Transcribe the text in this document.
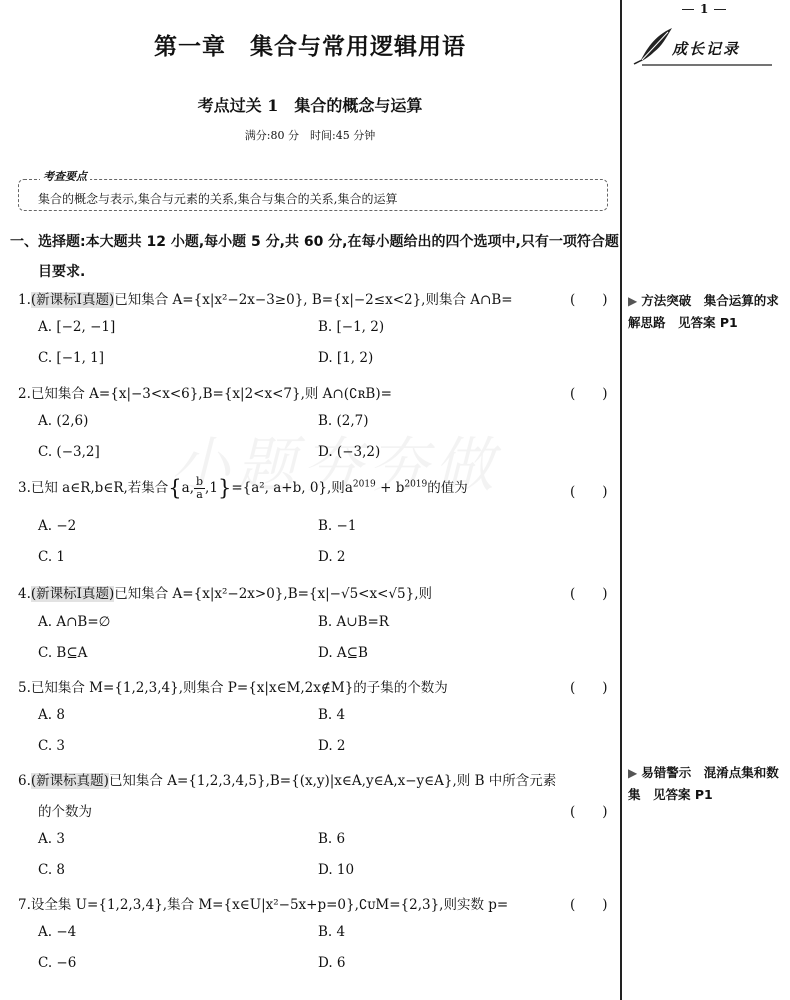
1
成长记录
▶ 方法突破　集合运算的求解思路　见答案 P1
▶ 易错警示　混淆点集和数集　见答案 P1
第一章　集合与常用逻辑用语
考点过关 1　集合的概念与运算
满分:80 分　时间:45 分钟
考查要点
集合的概念与表示,集合与元素的关系,集合与集合的关系,集合的运算
一、选择题:本大题共 12 小题,每小题 5 分,共 60 分,在每小题给出的四个选项中,只有一项符合题
目要求.
1.(新课标Ⅰ真题)已知集合 A={x|x²−2x−3≥0}, B={x|−2≤x<2},则集合 A∩B=	(　　)
A. [−2, −1]	B. [−1, 2)
C. [−1, 1]	D. [1, 2)
2.已知集合 A={x|−3<x<6},B={x|2<x<7},则 A∩(∁ʀB)=	(　　)
A. (2,6)	B. (2,7)
C. (−3,2]	D. (−3,2)
3.已知 a∈R,b∈R,若集合{a, $\frac{b}{a} ,1\}=\{a^2$, a+b, 0},则$a^{2019} + b^{2019}$的值为	(　　)
A. −2	B. −1
C. 1	D. 2
4.(新课标Ⅰ真题)已知集合 A={x|x²−2x>0},B={x|−√5<x<√5},则	(　　)
A. A∩B=∅	B. A∪B=R
C. B⊆A	D. A⊆B
5.已知集合 M={1,2,3,4},则集合 P={x|x∈M,2x∉M}的子集的个数为	(　　)
A. 8	B. 4
C. 3	D. 2
6.(新课标真题)已知集合 A={1,2,3,4,5},B={(x,y)|x∈A,y∈A,x−y∈A},则 B 中所含元素
的个数为	(　　)
A. 3	B. 6
C. 8	D. 10
7.设全集 U={1,2,3,4},集合 M={x∈U|x²−5x+p=0},∁ᴜM={2,3},则实数 p=	(　　)
A. −4	B. 4
C. −6	D. 6
